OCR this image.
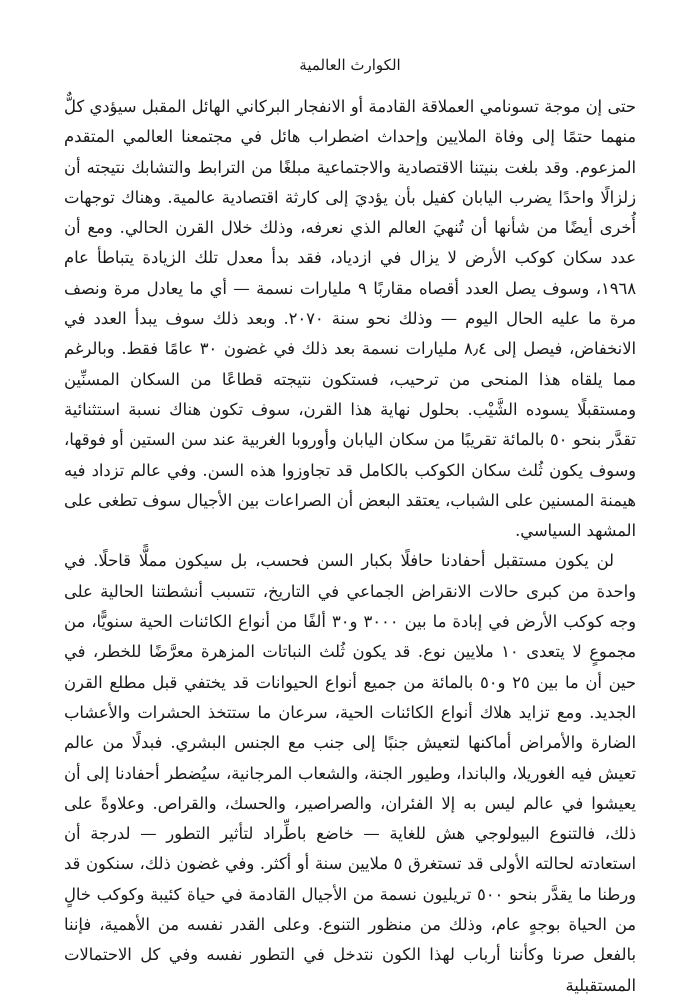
الكوارث العالمية

حتى إن موجة تسونامي العملاقة القادمة أو الانفجار البركاني الهائل المقبل سيؤدي كلٌّ منهما حتمًا إلى وفاة الملايين وإحداث اضطراب هائل في مجتمعنا العالمي المتقدم المزعوم. وقد بلغت بنيتنا الاقتصادية والاجتماعية مبلغًا من الترابط والتشابك نتيجته أن زلزالًا واحدًا يضرب اليابان كفيل بأن يؤديَ إلى كارثة اقتصادية عالمية. وهناك توجهات أُخرى أيضًا من شأنها أن تُنهيَ العالم الذي نعرفه، وذلك خلال القرن الحالي. ومع أن عدد سكان كوكب الأرض لا يزال في ازدياد، فقد بدأ معدل تلك الزيادة يتباطأ عام ١٩٦٨، وسوف يصل العدد أقصاه مقاربًا ٩ مليارات نسمة — أي ما يعادل مرة ونصف مرة ما عليه الحال اليوم — وذلك نحو سنة ٢٠٧٠. وبعد ذلك سوف يبدأ العدد في الانخفاض، فيصل إلى ٨٫٤ مليارات نسمة بعد ذلك في غضون ٣٠ عامًا فقط. وبالرغم مما يلقاه هذا المنحى من ترحيب، فستكون نتيجته قطاعًا من السكان المسنِّين ومستقبلًا يسوده الشَّيْب. بحلول نهاية هذا القرن، سوف تكون هناك نسبة استثنائية تقدَّر بنحو ٥٠ بالمائة تقريبًا من سكان اليابان وأوروبا الغربية عند سن الستين أو فوقها، وسوف يكون ثُلث سكان الكوكب بالكامل قد تجاوزوا هذه السن. وفي عالم تزداد فيه هيمنة المسنين على الشباب، يعتقد البعض أن الصراعات بين الأجيال سوف تطغى على المشهد السياسي.

لن يكون مستقبل أحفادنا حافلًا بكبار السن فحسب، بل سيكون مملًّا قاحلًا. في واحدة من كبرى حالات الانقراض الجماعي في التاريخ، تتسبب أنشطتنا الحالية على وجه كوكب الأرض في إبادة ما بين ٣٠٠٠ و٣٠ ألفًا من أنواع الكائنات الحية سنويًّا، من مجموعٍ لا يتعدى ١٠ ملايين نوع. قد يكون ثُلث النباتات المزهرة معرَّضًا للخطر، في حين أن ما بين ٢٥ و٥٠ بالمائة من جميع أنواع الحيوانات قد يختفي قبل مطلع القرن الجديد. ومع تزايد هلاك أنواع الكائنات الحية، سرعان ما ستتخذ الحشرات والأعشاب الضارة والأمراض أماكنها لتعيش جنبًا إلى جنب مع الجنس البشري. فبدلًا من عالم تعيش فيه الغوريلا، والباندا، وطيور الجنة، والشعاب المرجانية، سيُضطر أحفادنا إلى أن يعيشوا في عالم ليس به إلا الفئران، والصراصير، والحسك، والقراص. وعلاوةً على ذلك، فالتنوع البيولوجي هش للغاية — خاضع باطِّراد لتأثير التطور — لدرجة أن استعادته لحالته الأولى قد تستغرق ٥ ملايين سنة أو أكثر. وفي غضون ذلك، سنكون قد ورطنا ما يقدَّر بنحو ٥٠٠ تريليون نسمة من الأجيال القادمة في حياة كئيبة وكوكب خالٍ من الحياة بوجهٍ عام، وذلك من منظور التنوع. وعلى القدر نفسه من الأهمية، فإننا بالفعل صرنا وكأننا أرباب لهذا الكون نتدخل في التطور نفسه وفي كل الاحتمالات المستقبلية
